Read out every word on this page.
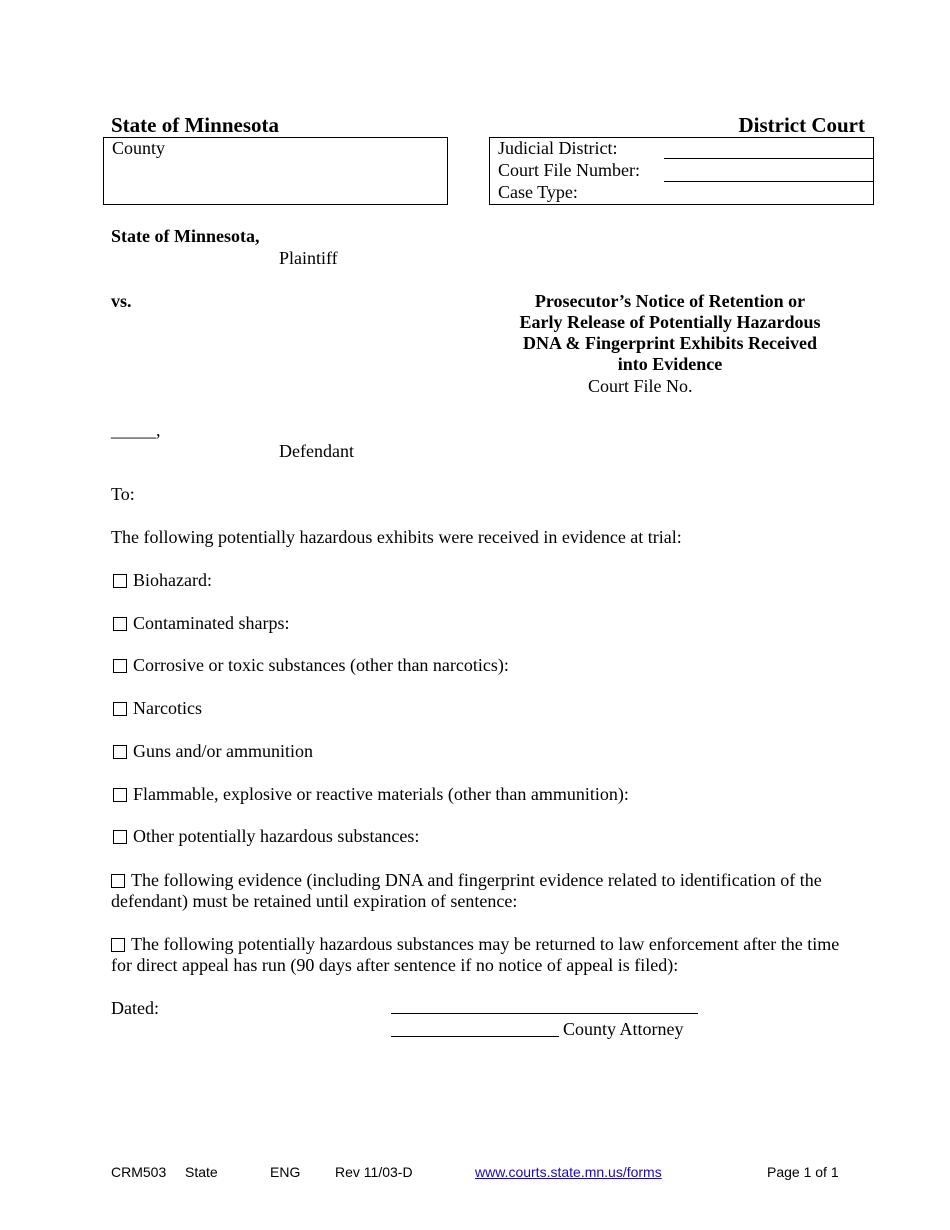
State of Minnesota	District Court
County	Judicial District:
Court File Number:
Case Type:
State of Minnesota,
Plaintiff
vs.	Prosecutor’s Notice of Retention or
Early Release of Potentially Hazardous
DNA & Fingerprint Exhibits Received
into Evidence
Court File No.
_____,
Defendant
To:
The following potentially hazardous exhibits were received in evidence at trial:
Biohazard:
Contaminated sharps:
Corrosive or toxic substances (other than narcotics):
Narcotics
Guns and/or ammunition
Flammable, explosive or reactive materials (other than ammunition):
Other potentially hazardous substances:
The following evidence (including DNA and fingerprint evidence related to identification of the defendant) must be retained until expiration of sentence:
The following potentially hazardous substances may be returned to law enforcement after the time for direct appeal has run (90 days after sentence if no notice of appeal is filed):
Dated:
County Attorney
CRM503 State	ENG Rev 11/03-D	www.courts.state.mn.us/forms	Page 1 of 1
